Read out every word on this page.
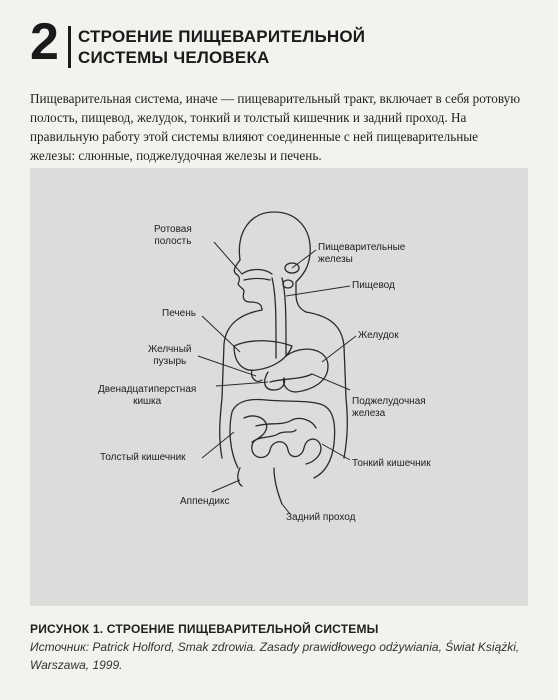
2 СТРОЕНИЕ ПИЩЕВАРИТЕЛЬНОЙ
СИСТЕМЫ ЧЕЛОВЕКА

Пищеварительная система, иначе — пищеварительный тракт, включает в себя ротовую полость, пищевод, желудок, тонкий и толстый кишечник и задний проход. На правильную работу этой системы влияют соединенные с ней пищеварительные железы: слюнные, поджелудочная железы и печень.

Ротовая
полость
Пищеварительные
железы
Пищевод
Печень
Желудок
Желчный
пузырь
Двенадцатиперстная
кишка	Поджелудочная
железа
Толстый кишечник
Тонкий кишечник
Аппендикс
Задний проход
РИСУНОК 1. СТРОЕНИЕ ПИЩЕВАРИТЕЛЬНОЙ СИСТЕМЫ
Источник: Patrick Holford, Smak zdrowia. Zasady prawidłowego odżywiania, Świat Książki, Warszawa, 1999.
